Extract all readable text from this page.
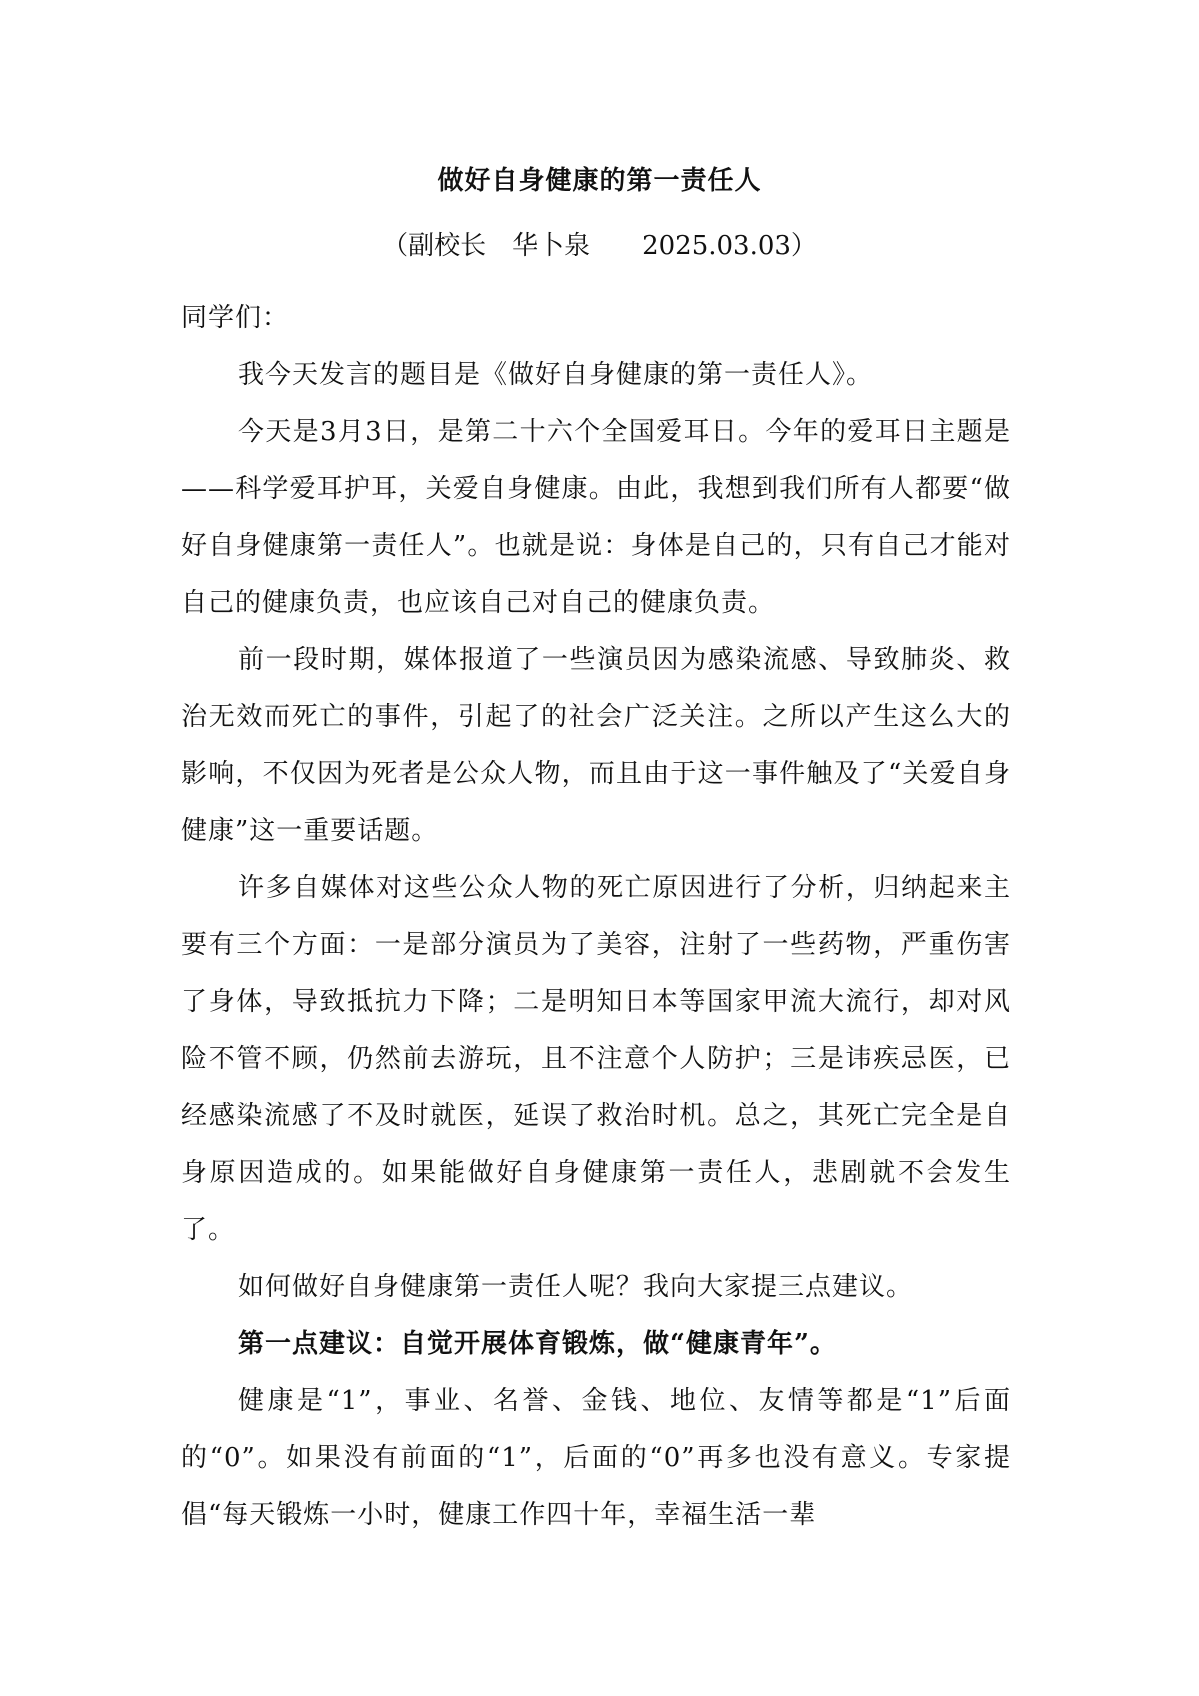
做好自身健康的第一责任人
（副校长　华卜泉　　2025.03.03）

同学们：

我今天发言的题目是《做好自身健康的第一责任人》。

今天是3月3日，是第二十六个全国爱耳日。今年的爱耳日主题是——科学爱耳护耳，关爱自身健康。由此，我想到我们所有人都要“做好自身健康第一责任人”。也就是说：身体是自己的，只有自己才能对自己的健康负责，也应该自己对自己的健康负责。

前一段时期，媒体报道了一些演员因为感染流感、导致肺炎、救治无效而死亡的事件，引起了的社会广泛关注。之所以产生这么大的影响，不仅因为死者是公众人物，而且由于这一事件触及了“关爱自身健康”这一重要话题。

许多自媒体对这些公众人物的死亡原因进行了分析，归纳起来主要有三个方面：一是部分演员为了美容，注射了一些药物，严重伤害了身体，导致抵抗力下降；二是明知日本等国家甲流大流行，却对风险不管不顾，仍然前去游玩，且不注意个人防护；三是讳疾忌医，已经感染流感了不及时就医，延误了救治时机。总之，其死亡完全是自身原因造成的。如果能做好自身健康第一责任人，悲剧就不会发生了。

如何做好自身健康第一责任人呢？我向大家提三点建议。

第一点建议：自觉开展体育锻炼，做“健康青年”。

健康是“1”，事业、名誉、金钱、地位、友情等都是“1”后面的“0”。如果没有前面的“1”，后面的“0”再多也没有意义。专家提倡“每天锻炼一小时，健康工作四十年，幸福生活一辈
